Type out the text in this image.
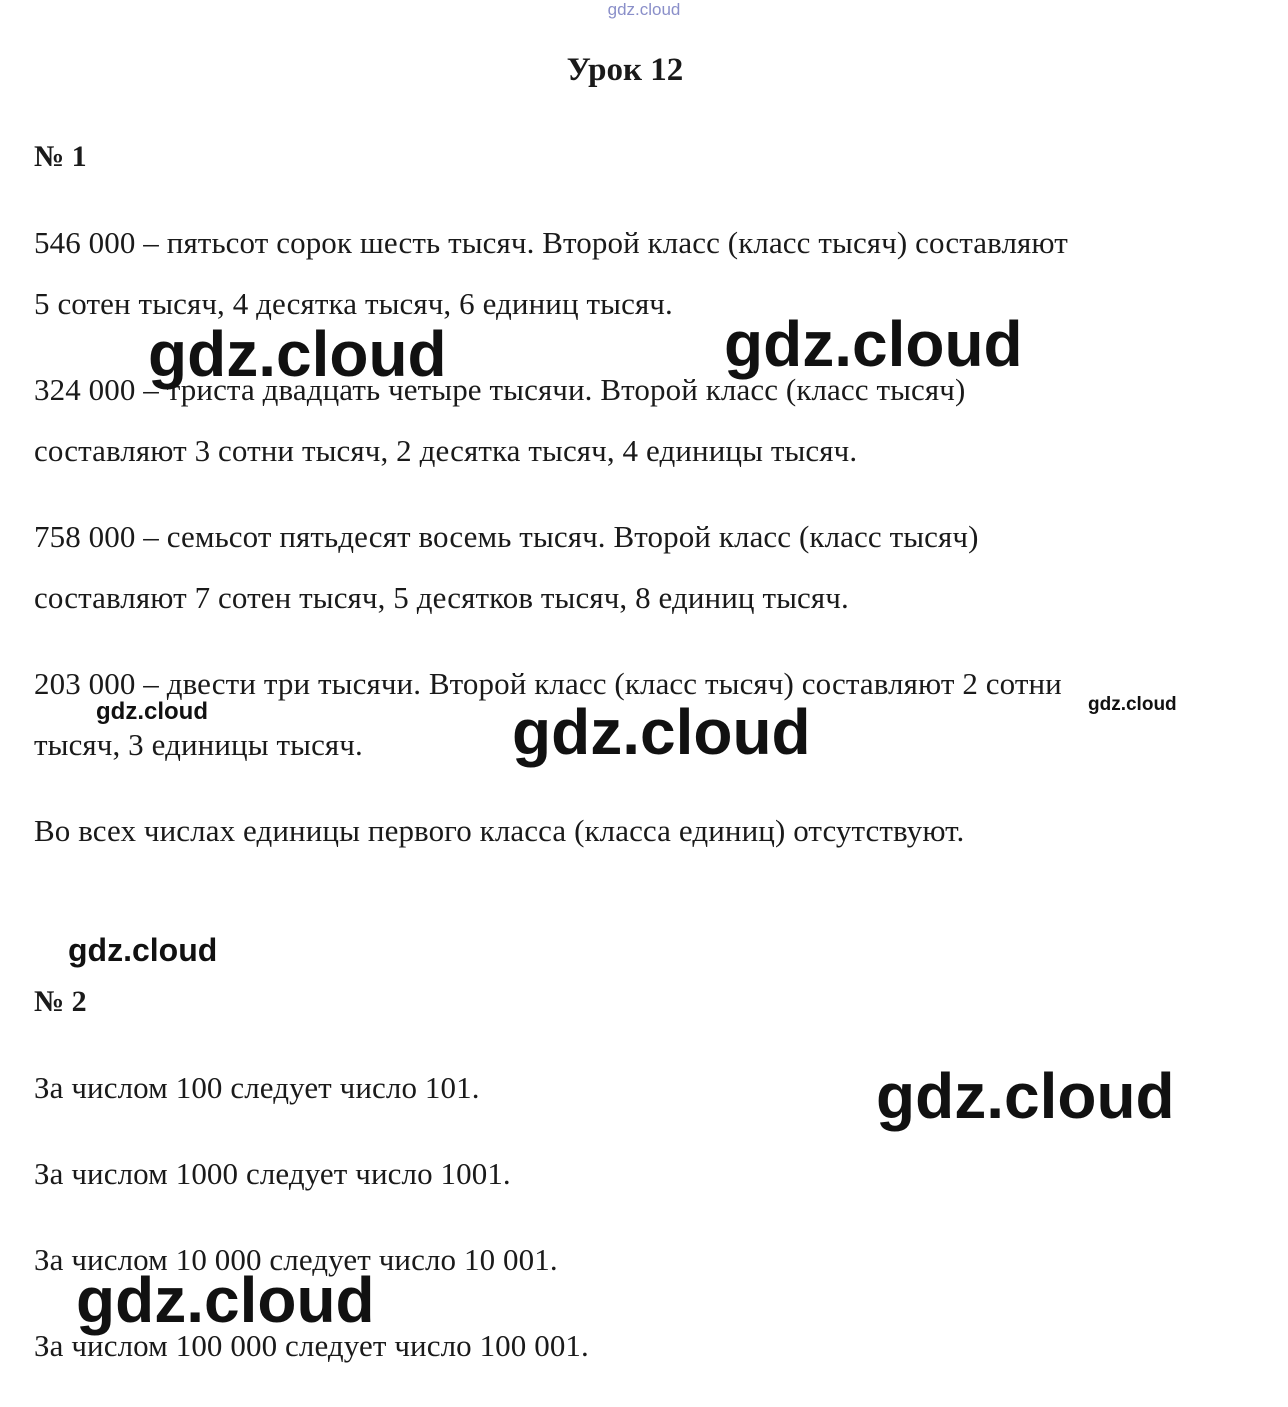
gdz.cloud
Урок 12
№ 1
546 000 – пятьсот сорок шесть тысяч. Второй класс (класс тысяч) составляют
5 сотен тысяч, 4 десятка тысяч, 6 единиц тысяч.
324 000 – триста двадцать четыре тысячи. Второй класс (класс тысяч)
составляют 3 сотни тысяч, 2 десятка тысяч, 4 единицы тысяч.
758 000 – семьсот пятьдесят восемь тысяч. Второй класс (класс тысяч)
составляют 7 сотен тысяч, 5 десятков тысяч, 8 единиц тысяч.
203 000 – двести три тысячи. Второй класс (класс тысяч) составляют 2 сотни
тысяч, 3 единицы тысяч.
Во всех числах единицы первого класса (класса единиц) отсутствуют.
№ 2
За числом 100 следует число 101.
За числом 1000 следует число 1001.
За числом 10 000 следует число 10 001.
За числом 100 000 следует число 100 001.
gdz.cloud	gdz.cloud
gdz.cloud	gdz.cloud	gdz.cloud
gdz.cloud
gdz.cloud
gdz.cloud
